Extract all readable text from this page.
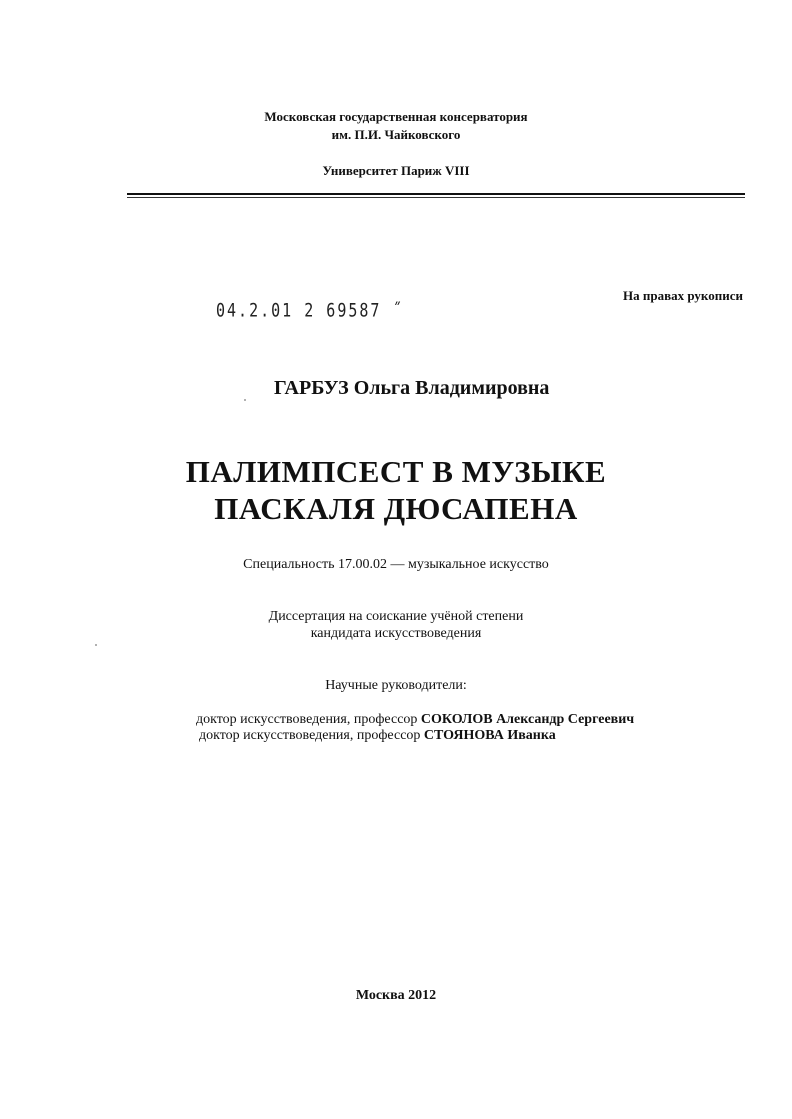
Московская государственная консерватория
им. П.И. Чайковского
Университет Париж VIII
04.2.01 2 69587 ˝
На правах рукописи
ГАРБУЗ Ольга Владимировна
ПАЛИМПСЕСТ В МУЗЫКЕ
ПАСКАЛЯ ДЮСАПЕНА
Специальность 17.00.02 — музыкальное искусство
Диссертация на соискание учёной степени
кандидата искусствоведения
Научные руководители:
доктор искусствоведения, профессор СОКОЛОВ Александр Сергеевич
доктор искусствоведения, профессор СТОЯНОВА Иванка
Москва 2012
